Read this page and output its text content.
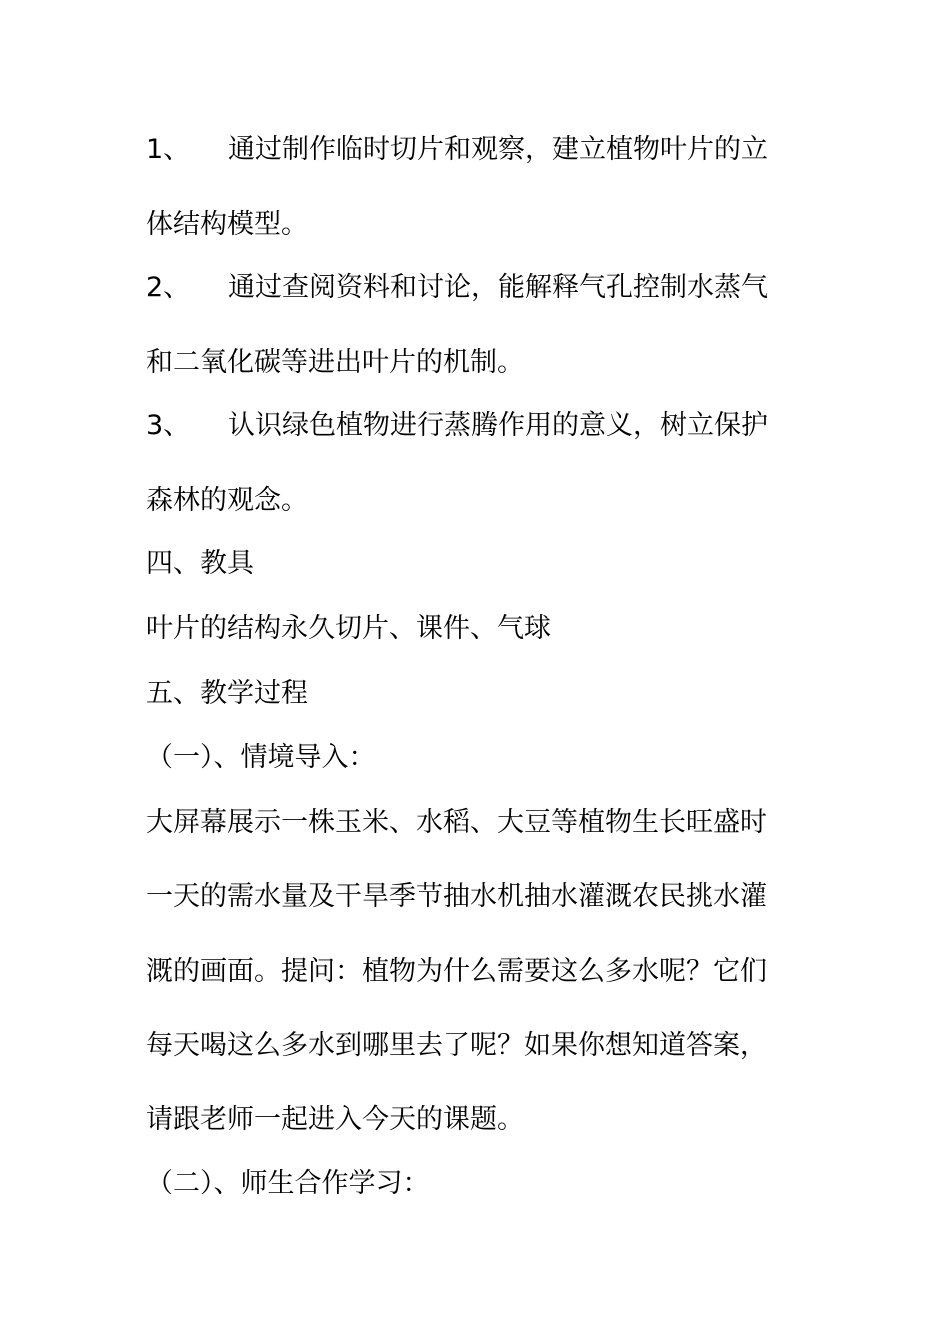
1、 通过制作临时切片和观察，建立植物叶片的立
体结构模型。
2、 通过查阅资料和讨论，能解释气孔控制水蒸气
和二氧化碳等进出叶片的机制。
3、 认识绿色植物进行蒸腾作用的意义，树立保护
森林的观念。
四、教具
叶片的结构永久切片、课件、气球
五、教学过程
（一）、情境导入：
大屏幕展示一株玉米、水稻、大豆等植物生长旺盛时
一天的需水量及干旱季节抽水机抽水灌溉农民挑水灌
溉的画面。提问：植物为什么需要这么多水呢？它们
每天喝这么多水到哪里去了呢？如果你想知道答案，
请跟老师一起进入今天的课题。
（二）、师生合作学习：
